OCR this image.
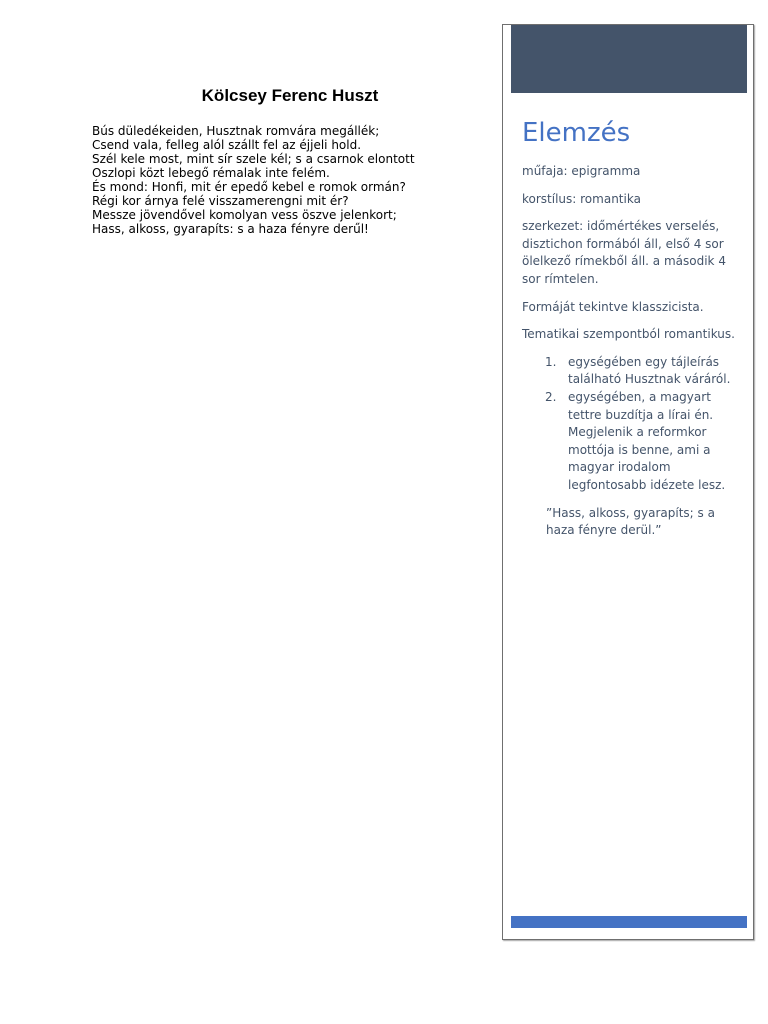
Kölcsey Ferenc Huszt
Bús düledékeiden, Husztnak romvára megállék;
Csend vala, felleg alól szállt fel az éjjeli hold.
Szél kele most, mint sír szele kél; s a csarnok elontott
Oszlopi közt lebegő rémalak inte felém.
És mond: Honfi, mit ér epedő kebel e romok ormán?
Régi kor árnya felé visszamerengni mit ér?
Messze jövendővel komolyan vess öszve jelenkort;
Hass, alkoss, gyarapíts: s a haza fényre derűl!
Elemzés

műfaja: epigramma

korstílus: romantika

szerkezet: időmértékes verselés, disztichon formából áll, első 4 sor ölelkező rímekből áll. a második 4 sor rímtelen.

Formáját tekintve klasszicista.

Tematikai szempontból romantikus.

1. egységében egy tájleírás található Husztnak váráról.
2. egységében, a magyart tettre buzdítja a lírai én. Megjelenik a reformkor mottója is benne, ami a magyar irodalom legfontosabb idézete lesz.

”Hass, alkoss, gyarapíts; s a haza fényre derül.”
